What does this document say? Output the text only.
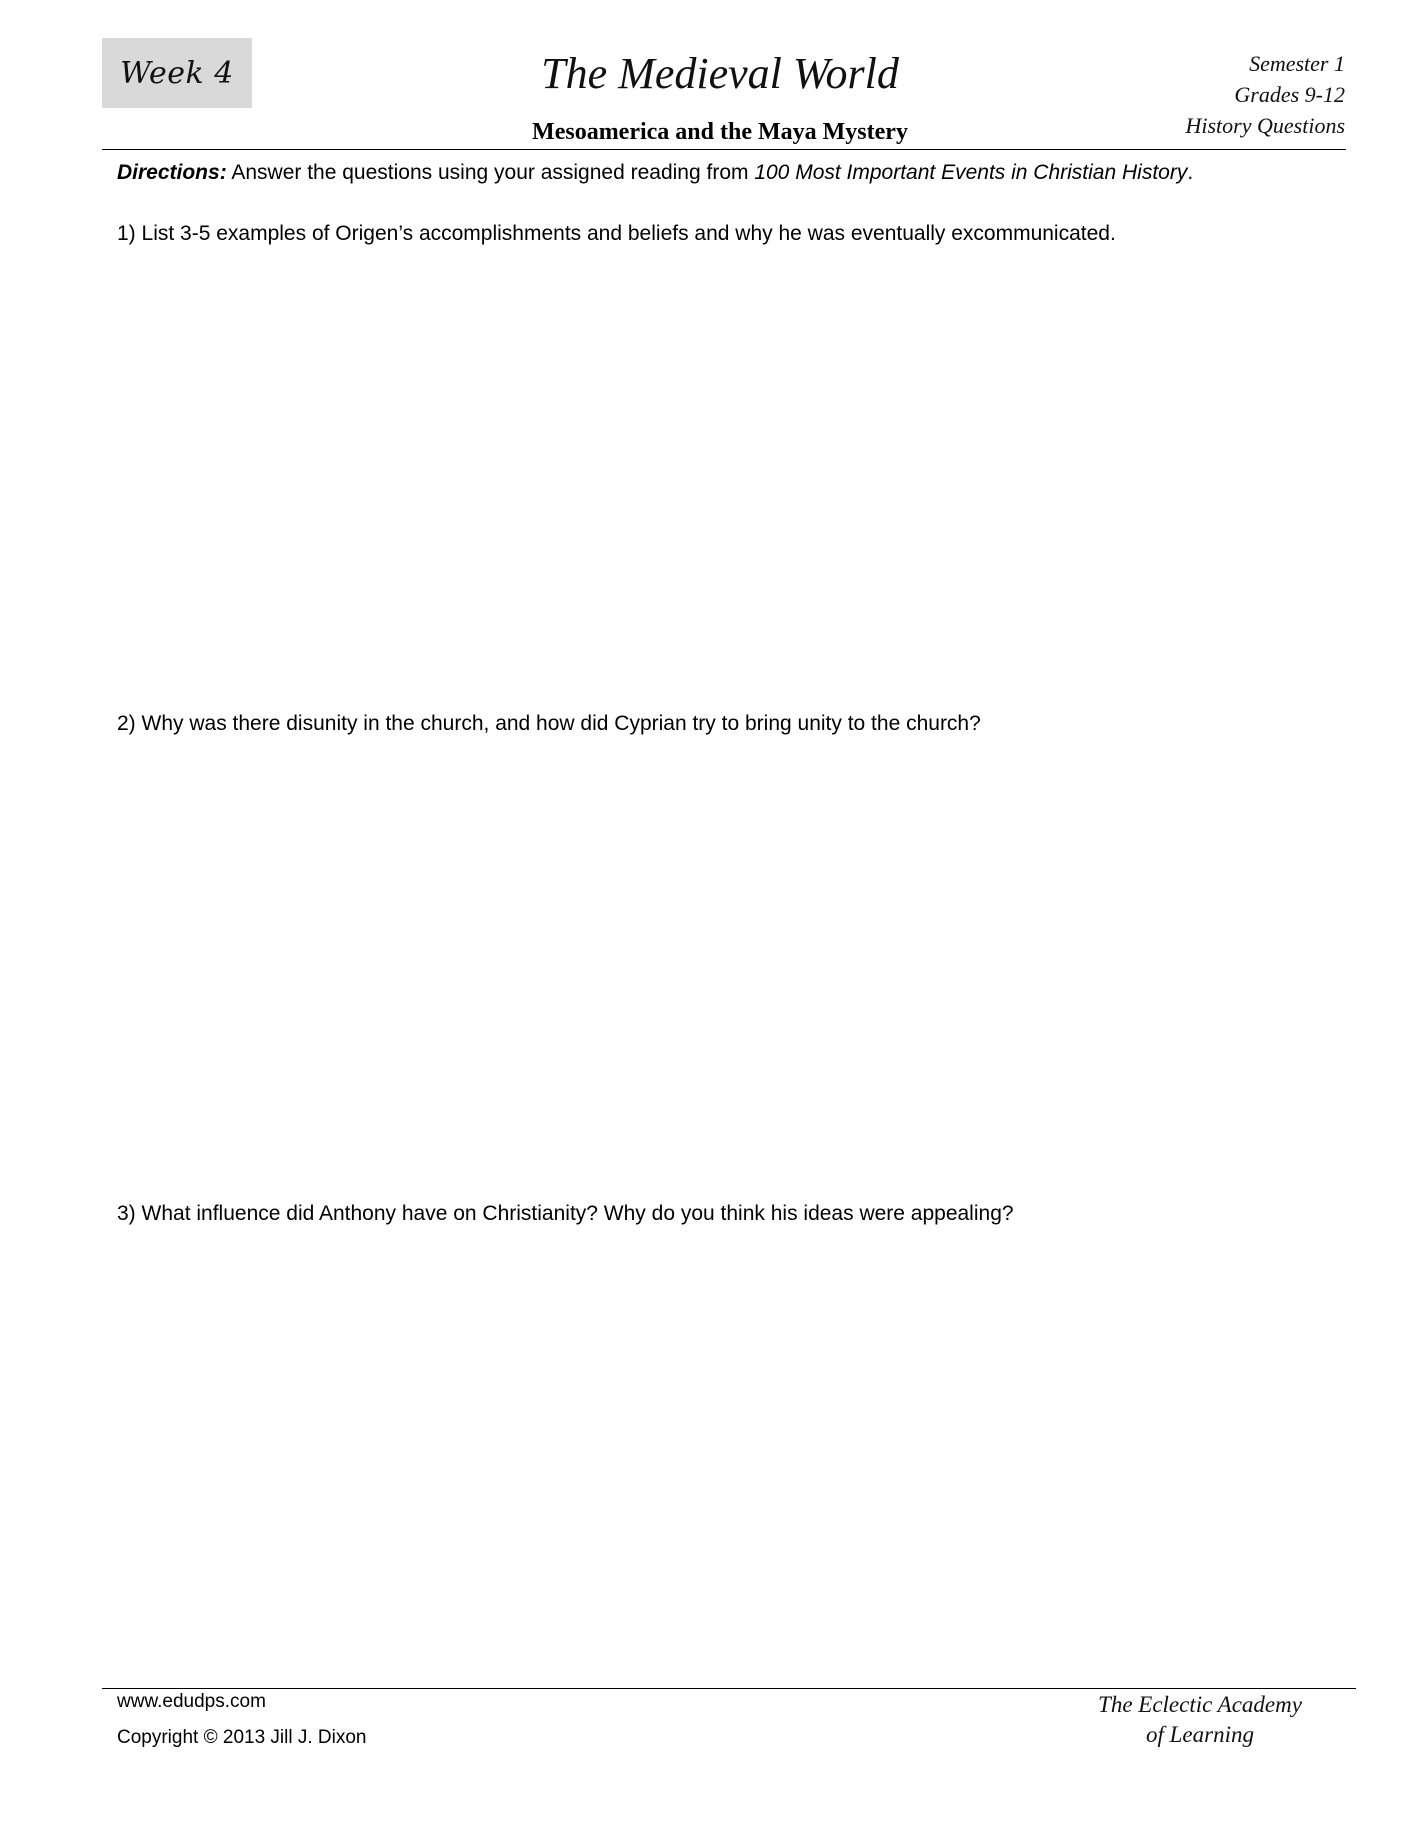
Week 4	The Medieval World
Mesoamerica and the Maya Mystery
Semester 1
Grades 9-12
History Questions
Directions: Answer the questions using your assigned reading from 100 Most Important Events in Christian History.
1) List 3-5 examples of Origen’s accomplishments and beliefs and why he was eventually excommunicated.
2) Why was there disunity in the church, and how did Cyprian try to bring unity to the church?
3) What influence did Anthony have on Christianity? Why do you think his ideas were appealing?
www.edudps.com
Copyright © 2013 Jill J. Dixon
The Eclectic Academy
of Learning
